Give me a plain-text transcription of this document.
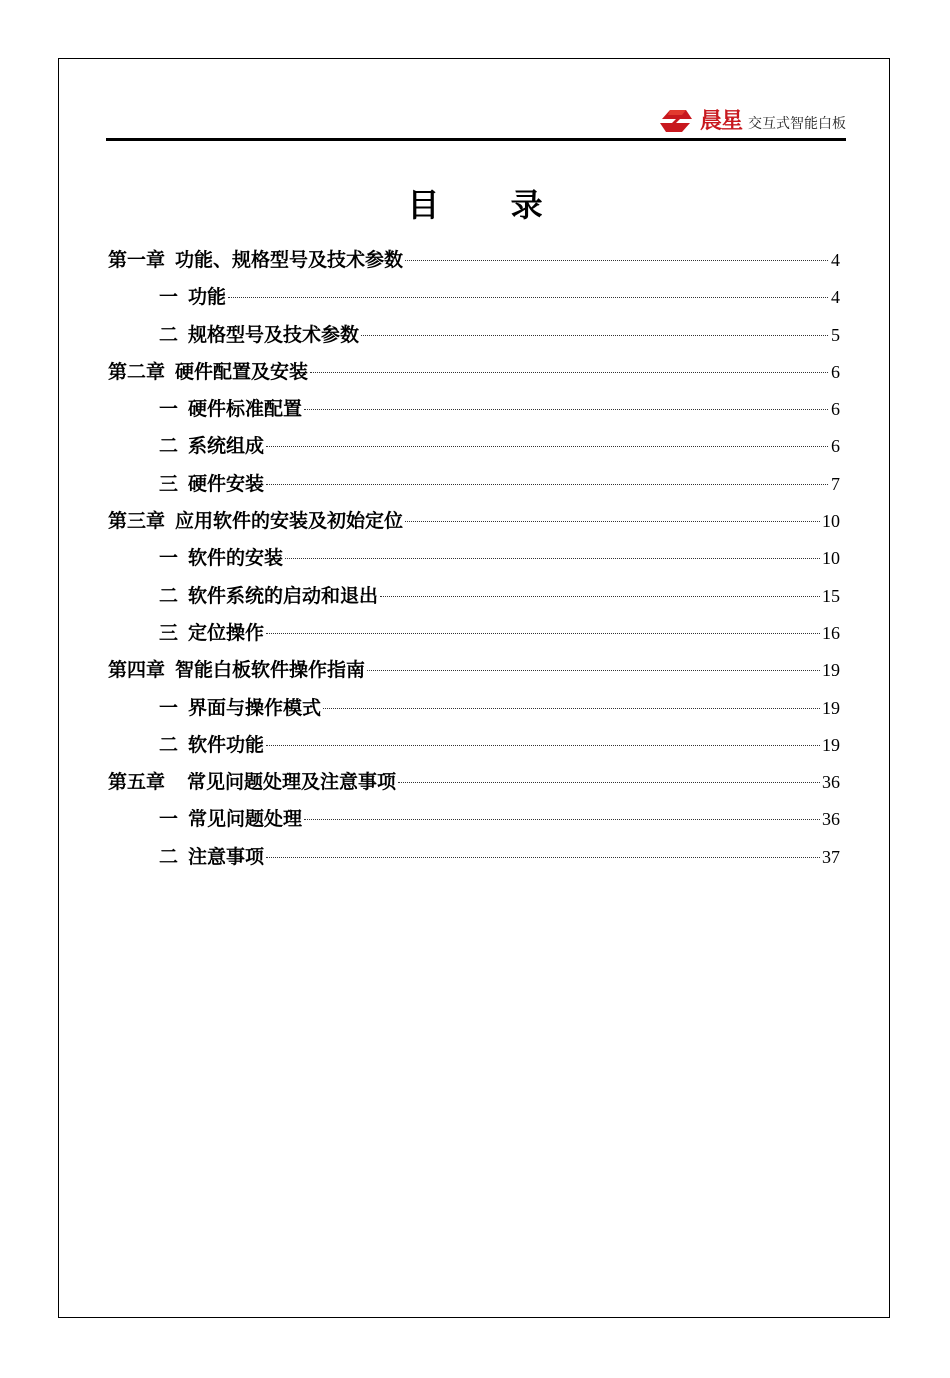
晨星 交互式智能白板
目 录
第一章 功能、规格型号及技术参数	4
一 功能	4
二 规格型号及技术参数	5
第二章 硬件配置及安装	6
一 硬件标准配置	6
二 系统组成	6
三 硬件安装	7
第三章 应用软件的安装及初始定位	10
一 软件的安装	10
二 软件系统的启动和退出	15
三 定位操作	16
第四章 智能白板软件操作指南	19
一 界面与操作模式	19
二 软件功能	19
第五章 常见问题处理及注意事项	36
一 常见问题处理	36
二 注意事项	37
